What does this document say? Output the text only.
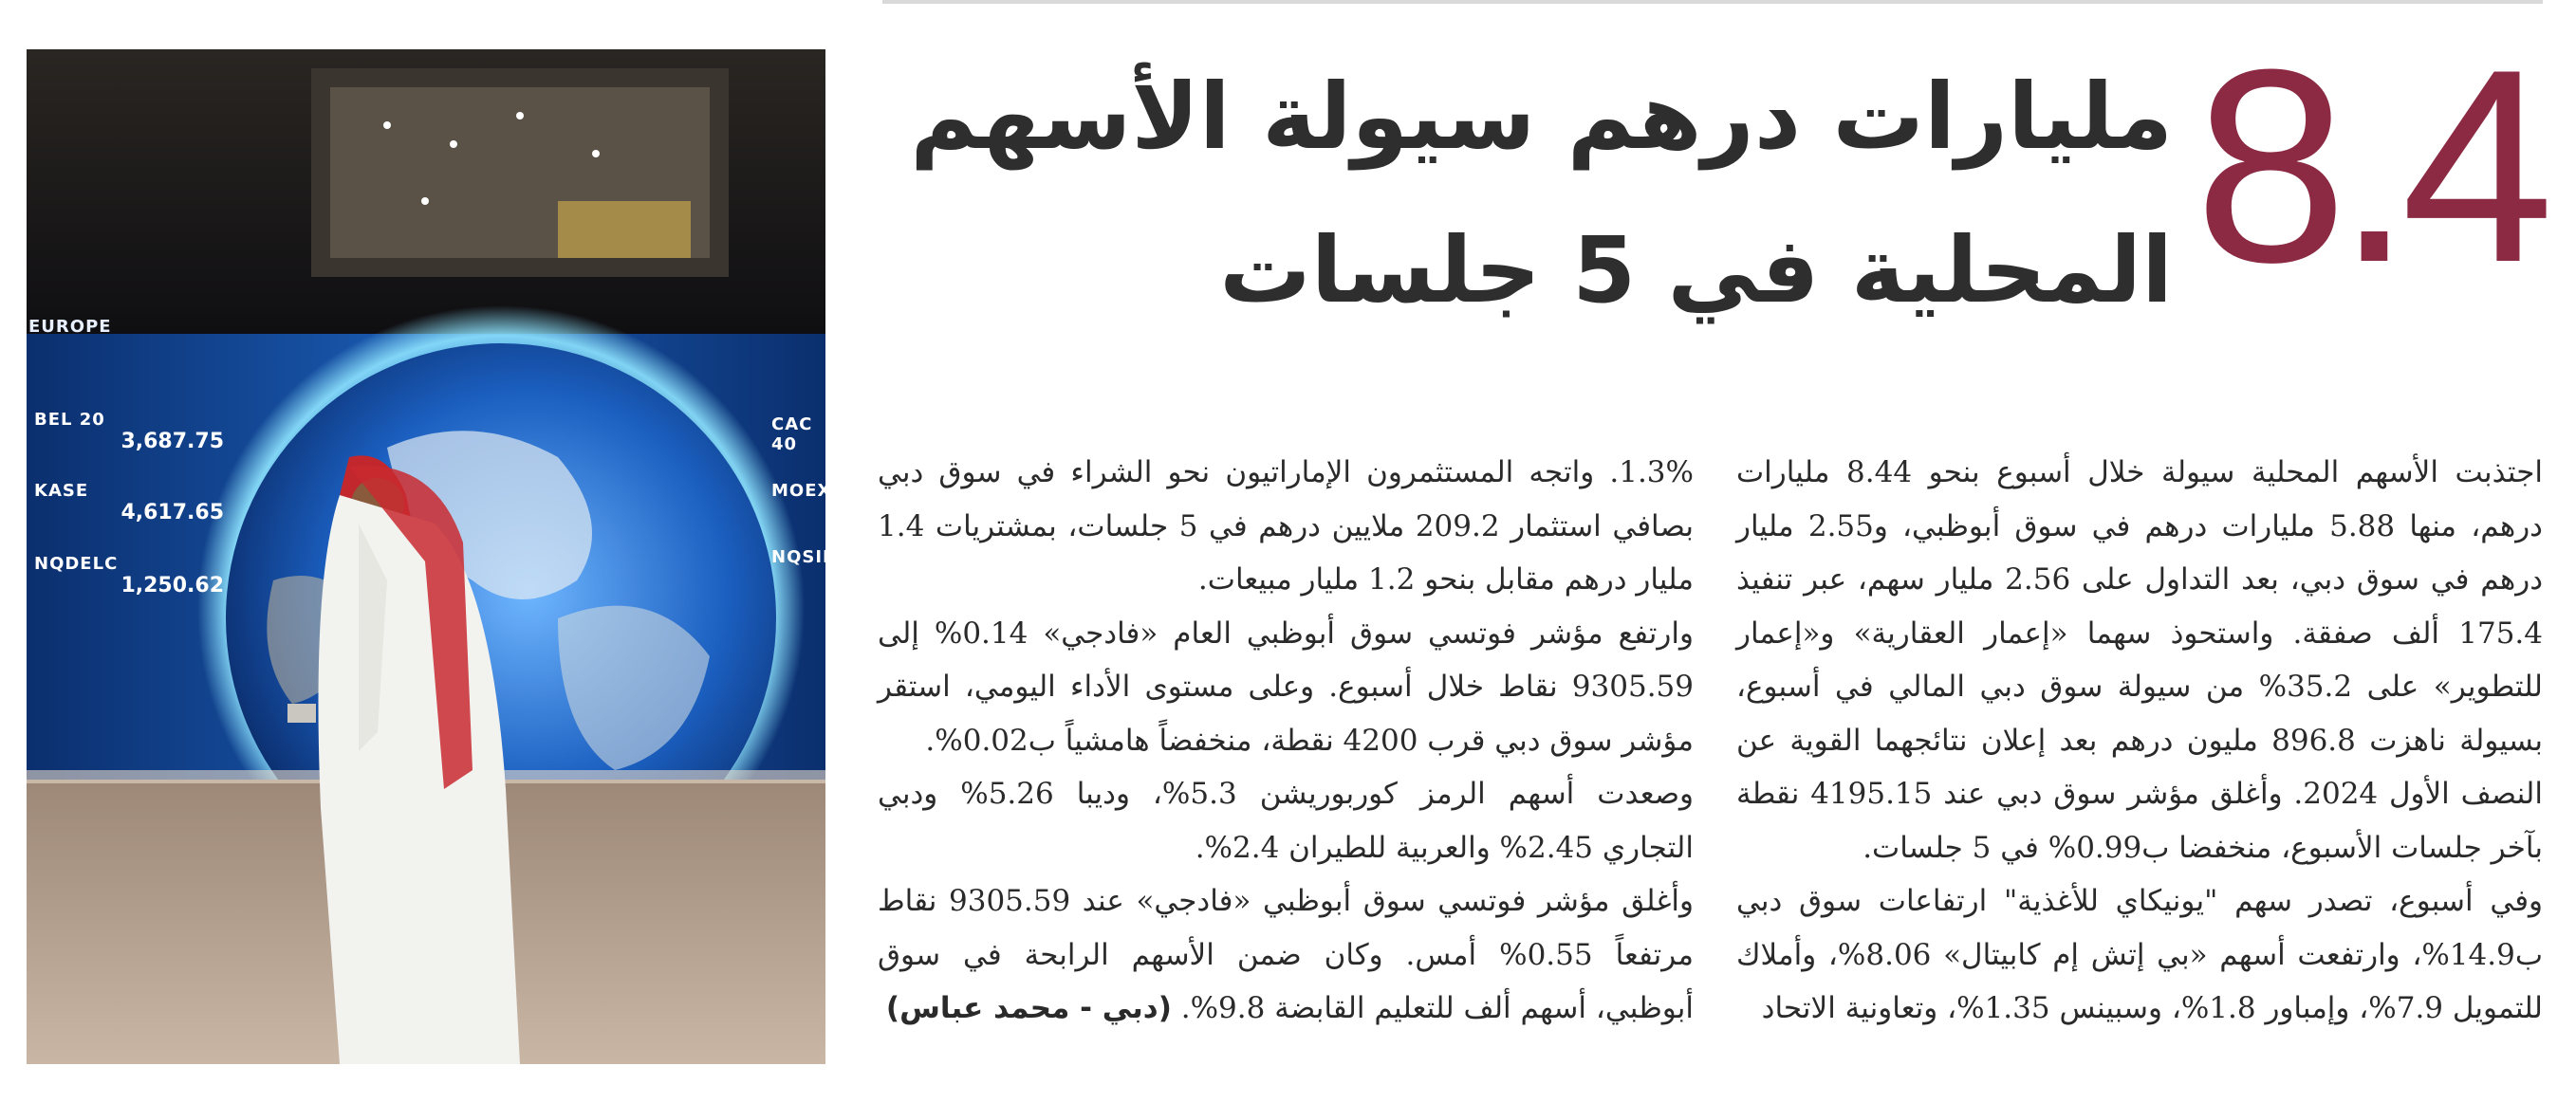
EUROPE
BEL 20
3,687.75
KASE
4,617.65
NQDELC
1,250.62
CAC 40
MOEX
NQSIL
8.4
مليارات درهم سيولة الأسهم
المحلية في 5 جلسات

اجتذبت الأسهم المحلية سيولة خلال أسبوع بنحو 8.44 مليارات درهم، منها 5.88 مليارات درهم في سوق أبوظبي، و2.55 مليار درهم في سوق دبي، بعد التداول على 2.56 مليار سهم، عبر تنفيذ 175.4 ألف صفقة. واستحوذ سهما «إعمار العقارية» و«إعمار للتطوير» على 35.2% من سيولة سوق دبي المالي في أسبوع، بسيولة ناهزت 896.8 مليون درهم بعد إعلان نتائجهما القوية عن النصف الأول 2024. وأغلق مؤشر سوق دبي عند 4195.15 نقطة بآخر جلسات الأسبوع، منخفضا ب0.99% في 5 جلسات.

وفي أسبوع، تصدر سهم "يونيكاي للأغذية" ارتفاعات سوق دبي ب14.9%، وارتفعت أسهم «بي إتش إم كابيتال» 8.06%، وأملاك للتمويل 7.9%، وإمباور 1.8%، وسبينس 1.35%، وتعاونية الاتحاد

1.3%. واتجه المستثمرون الإماراتيون نحو الشراء في سوق دبي بصافي استثمار 209.2 ملايين درهم في 5 جلسات، بمشتريات 1.4 مليار درهم مقابل بنحو 1.2 مليار مبيعات.

وارتفع مؤشر فوتسي سوق أبوظبي العام «فادجي» 0.14% إلى 9305.59 نقاط خلال أسبوع. وعلى مستوى الأداء اليومي، استقر مؤشر سوق دبي قرب 4200 نقطة، منخفضاً هامشياً ب0.02%.

وصعدت أسهم الرمز كوربوريشن 5.3%، وديبا 5.26% ودبي التجاري 2.45% والعربية للطيران 2.4%.

وأغلق مؤشر فوتسي سوق أبوظبي «فادجي» عند 9305.59 نقاط مرتفعاً 0.55% أمس. وكان ضمن الأسهم الرابحة في سوق أبوظبي، أسهم ألف للتعليم القابضة 9.8%. (دبي - محمد عباس)
